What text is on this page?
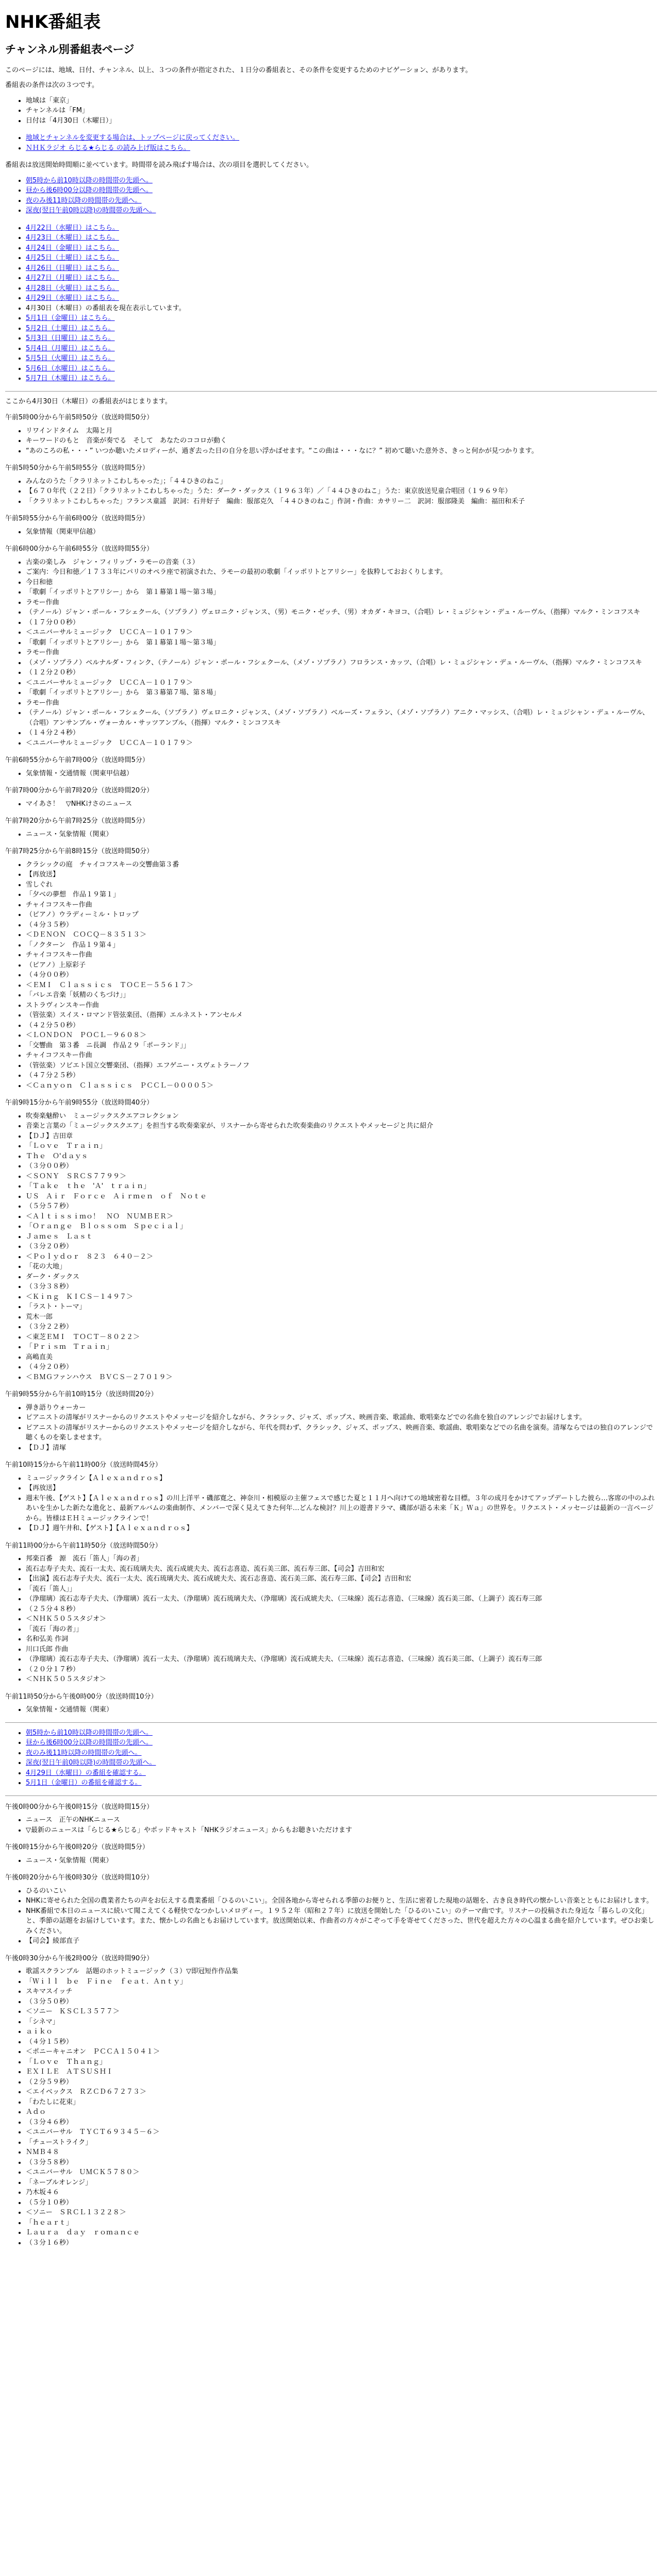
NHK番組表
チャンネル別番組表ページ

このページには、地域、日付、チャンネル、以上、３つの条件が指定された、１日分の番組表と、その条件を変更するためのナビゲーション、があります。

番組表の条件は次の３つです。

• 地域は「東京」
• チャンネルは「FM」
• 日付は「4月30日（木曜日）」
• 地域とチャンネルを変更する場合は、トップページに戻ってください。
• ＮＨＫラジオ らじる★らじる の読み上げ版はこちら。

番組表は放送開始時間順に並べています。時間帯を読み飛ばす場合は、次の項目を選択してください。

• 朝5時から前10時以降の時間帯の先頭へ。
• 昼から後6時00分以降の時間帯の先頭へ。
• 夜のみ後11時以降の時間帯の先頭へ。
• 深夜(翌日午前0時以降)の時間帯の先頭へ。
• 4月22日（水曜日）はこちら。
• 4月23日（木曜日）はこちら。
• 4月24日（金曜日）はこちら。
• 4月25日（土曜日）はこちら。
• 4月26日（日曜日）はこちら。
• 4月27日（月曜日）はこちら。
• 4月28日（火曜日）はこちら。
• 4月29日（水曜日）はこちら。
• 4月30日（木曜日）の番組表を現在表示しています。
• 5月1日（金曜日）はこちら。
• 5月2日（土曜日）はこちら。
• 5月3日（日曜日）はこちら。
• 5月4日（月曜日）はこちら。
• 5月5日（火曜日）はこちら。
• 5月6日（水曜日）はこちら。
• 5月7日（木曜日）はこちら。

ここから4月30日（木曜日）の番組表がはじまります。

午前5時00分から午前5時50分（放送時間50分）

• リワインドタイム　太陽と月
• キーワードのもと　音楽が奏でる　そして　あなたのココロが動く
• “あのころの私・・・” いつか聴いたメロディーが、過ぎ去った日の自分を思い浮かばせます。“この曲は・・・なに？” 初めて聴いた意外さ、きっと何かが見つかります。

午前5時50分から午前5時55分（放送時間5分）

• みんなのうた「クラリネットこわしちゃった」；「４４ひきのねこ」
• 【６７０年代（２２日）「クラリネットこわしちゃった」うた：ダーク・ダックス（１９６３年）／「４４ひきのねこ」うた：東京放送児童合唱団（１９６９年）
• 「クラリネットこわしちゃった」フランス童謡　訳詞：石井好子　編曲：服部克久　「４４ひきのねこ」作詞・作曲：カサリー二　訳詞：服部隆美　編曲：福田和禾子

午前5時55分から午前6時00分（放送時間5分）

• 気象情報（関東甲信越）

午前6時00分から午前6時55分（放送時間55分）

• 古楽の楽しみ　ジャン・フィリップ・ラモーの音楽（３）
• ご案内：今日和徳／１７３３年にパリのオペラ座で初演された、ラモーの最初の歌劇「イッポリトとアリシー」を抜粋しておおくりします。
• 今日和徳
• 「歌劇「イッポリトとアリシー」から　第１幕第１場～第３場」
• ラモー作曲
• （テノール）ジャン・ポール・フシェクール、（ソプラノ）ヴェロニク・ジャンス、（男）モニク・ゼッチ、（男）オカダ・キヨコ、（合唱）レ・ミュジシャン・デュ・ルーヴル、（指揮）マルク・ミンコフスキ
• （１７分００秒）
• ＜ユニバーサルミュージック　ＵＣＣＡ－１０１７９＞
• 「歌劇「イッポリトとアリシー」から　第１幕第１場～第３場」
• ラモー作曲
• （メゾ・ソプラノ）ベルナルダ・フィンク、（テノール）ジャン・ポール・フシェクール、（メゾ・ソプラノ）フロランス・カッツ、（合唱）レ・ミュジシャン・デュ・ルーヴル、（指揮）マルク・ミンコフスキ
• （１２分２０秒）
• ＜ユニバーサルミュージック　ＵＣＣＡ－１０１７９＞
• 「歌劇「イッポリトとアリシー」から　第３幕第７場、第８場」
• ラモー作曲
• （テノール）ジャン・ポール・フシェクール、（ソプラノ）ヴェロニク・ジャンス、（メゾ・ソプラノ）ベルーズ・フェラン、（メゾ・ソプラノ）アニク・マッシス、（合唱）レ・ミュジシャン・デュ・ルーヴル、（合唱）アンサンブル・ヴォーカル・サッツアンブル、（指揮）マルク・ミンコフスキ
• （１４分２４秒）
• ＜ユニバーサルミュージック　ＵＣＣＡ－１０１７９＞

午前6時55分から午前7時00分（放送時間5分）

• 気象情報・交通情報（関東甲信越）

午前7時00分から午前7時20分（放送時間20分）

• マイあさ！　▽NHKけさのニュース

午前7時20分から午前7時25分（放送時間5分）

• ニュース・気象情報（関東）

午前7時25分から午前8時15分（放送時間50分）

• クラシックの庭　チャイコフスキーの交響曲第３番
• 【再放送】
• 雪しぐれ
• 「夕べの夢想　作品１９第１」
• チャイコフスキー作曲
• （ピアノ）ウラディーミル・トロップ
• （４分３５秒）
• ＜ＤＥＮＯＮ　ＣＯＣＱ－８３５１３＞
• 「ノクターン　作品１９第４」
• チャイコフスキー作曲
• （ピアノ）上原彩子
• （４分００秒）
• ＜ＥＭＩ　Ｃｌａｓｓｉｃｓ　ＴＯＣＥ－５５６１７＞
• 「バレエ音楽「妖精のくちづけ」」
• ストラヴィンスキー作曲
• （管弦楽）スイス・ロマンド管弦楽団、（指揮）エルネスト・アンセルメ
• （４２分５０秒）
• ＜ＬＯＮＤＯＮ　ＰＯＣＬ－９６０８＞
• 「交響曲　第３番　ニ長調　作品２９「ポーランド」」
• チャイコフスキー作曲
• （管弦楽）ソビエト国立交響楽団、（指揮）エフゲニー・スヴェトラーノフ
• （４７分２５秒）
• ＜Ｃａｎｙｏｎ　Ｃｌａｓｓｉｃｓ　ＰＣＣＬ－００００５＞

午前9時15分から午前9時55分（放送時間40分）

• 吹奏楽魅酔い　ミュージックスクエアコレクション
• 音楽と言葉の「ミュージックスクエア」を担当する吹奏楽家が、リスナーから寄せられた吹奏楽曲のリクエストやメッセージと共に紹介
• 【ＤＪ】吉田章
• 「Ｌｏｖｅ　Ｔｒａｉｎ」
• Ｔｈｅ　Ｏ'ｄａｙｓ
• （３分００秒）
• ＜ＳＯＮＹ　ＳＲＣＳ７７９９＞
• 「Ｔａｋｅ　ｔｈｅ　'Ａ'　ｔｒａｉｎ」
• ＵＳ　Ａｉｒ　Ｆｏｒｃｅ　Ａｉｒｍｅｎ　ｏｆ　Ｎｏｔｅ
• （５分５７秒）
• ＜Ａｌｔｉｓｓｉｍｏ！　ＮＯ　ＮＵＭＢＥＲ＞
• 「Ｏｒａｎｇｅ　Ｂｌｏｓｓｏｍ　Ｓｐｅｃｉａｌ」
• Ｊａｍｅｓ　Ｌａｓｔ
• （３分２０秒）
• ＜Ｐｏｌｙｄｏｒ　８２３　６４０－２＞
• 「花の大地」
• ダーク・ダックス
• （３分３８秒）
• ＜Ｋｉｎｇ　ＫＩＣＳ－１４９７＞
• 「ラスト・トーマ」
• 荒木一郎
• （３分２２秒）
• ＜東芝ＥＭＩ　ＴＯＣＴ－８０２２＞
• 「Ｐｒｉｓｍ　Ｔｒａｉｎ」
• 高嶋直美
• （４分２０秒）
• ＜ＢＭＧファンハウス　ＢＶＣＳ－２７０１９＞

午前9時55分から午前10時15分（放送時間20分）

• 弾き語りウォーカー
• ピアニストの清塚がリスナーからのリクエストやメッセージを紹介しながら、クラシック、ジャズ、ポップス、映画音楽、歌謡曲、歌唱楽などでの名曲を独自のアレンジでお届けします。
• ピアニストの清塚がリスナーからのリクエストやメッセージを紹介しながら、年代を問わず、クラシック、ジャズ、ポップス、映画音楽、歌謡曲、歌唱楽などでの名曲を演奏。清塚ならではの独自のアレンジで聴くものを楽しませます。
• 【ＤＪ】清塚

午前10時15分から午前11時00分（放送時間45分）

• ミュージックライン【Ａｌｅｘａｎｄｒｏｓ】
• 【再放送】
• 週末午後、【ゲスト】【Ａｌｅｘａｎｄｒｏｓ】の川上洋平・磯部寛之、神奈川・相模原の主催フェスで感じた夏と１１月へ向けての地域密着な目標。３年の成月をかけてアップデートした彼ら…客席の中のふれあいを生かした新たな進化と、最新アルバムの楽曲制作、メンバーで深く見えてきた何年…どんな検討？川上の遊書ドラマ、磯部が語る未来「Ｋ」Ｗａ」の世界を。リクエスト・メッセージは最新の一言ページから。皆様はＥＨミュージックラインで！
• 【ＤＪ】週午井和、【ゲスト】【Ａｌｅｘａｎｄｒｏｓ】

午前11時00分から午前11時50分（放送時間50分）

• 邦楽百番　源　流石「笛人」「海の者」
• 流石志寿子夫夫、流石一太夫、流石琉璃夫夫、流石成琥夫夫、流石志喜造、流石美三郎、流石寿三郎、【司会】吉田和宏
• 【出演】流石志寿子夫夫、流石一太夫、流石琉璃夫夫、流石成琥夫夫、流石志喜造、流石美三郎、流石寿三郎、【司会】吉田和宏
• 「流石「笛人」」
• （浄瑠璃）流石志寿子夫夫、（浄瑠璃）流石一太夫、（浄瑠璃）流石琉璃夫夫、（浄瑠璃）流石成琥夫夫、（三味線）流石志喜造、（三味線）流石美三郎、（上調子）流石寿三郎
• （２５分４８秒）
• ＜ＮＨＫ５０５スタジオ＞
• 「流石「海の者」」
• 名和弘美 作詞
• 川口氏郎 作曲
• （浄瑠璃）流石志寿子夫夫、（浄瑠璃）流石一太夫、（浄瑠璃）流石琉璃夫夫、（浄瑠璃）流石成琥夫夫、（三味線）流石志喜造、（三味線）流石美三郎、（上調子）流石寿三郎
• （２０分１７秒）
• ＜ＮＨＫ５０５スタジオ＞

午前11時50分から午後0時00分（放送時間10分）

• 気象情報・交通情報（関東）
• 朝5時から前10時以降の時間帯の先頭へ。
• 昼から後6時00分以降の時間帯の先頭へ。
• 夜のみ後11時以降の時間帯の先頭へ。
• 深夜(翌日午前0時以降)の時間帯の先頭へ。
• 4月29日（水曜日）の番組を確認する。
• 5月1日（金曜日）の番組を確認する。

午後0時00分から午後0時15分（放送時間15分）

• ニュース　正午のNHKニュース
• ▽最新のニュースは「らじる★らじる」やポッドキャスト「NHKラジオニュース」からもお聴きいただけます

午後0時15分から午後0時20分（放送時間5分）

• ニュース・気象情報（関東）

午後0時20分から午後0時30分（放送時間10分）

• ひるのいこい
• NHKに寄せられた全国の農業者たちの声をお伝えする農業番組「ひるのいこい」。全国各地から寄せられる季節のお便りと、生活に密着した現地の話題を、古き良き時代の懐かしい音楽とともにお届けします。
• NHK番組で本日のニュースに続いて聞こえてくる軽快でなつかしいメロディー。１９５２年（昭和２７年）に放送を開始した「ひるのいこい」のテーマ曲です。リスナーの投稿された身近な「暮らしの文化」と、季節の話題をお届けしています。また、懐かしの名曲ともお届けしています。放送開始以来、作曲者の方々がこぞって手を寄せてくださった、世代を超えた方々の心温まる曲を紹介しています。ぜひお楽しみください。
• 【司会】綾部直子

午後0時30分から午後2時00分（放送時間90分）

• 歌謡スクランブル　話題のホットミュージック（３）▽即冠短作作品集
• 「Ｗｉｌｌ　ｂｅ　Ｆｉｎｅ　ｆｅａｔ．Ａｎｔｙ」
• スキマスイッチ
• （３分５０秒）
• ＜ソニー　ＫＳＣＬ３５７７＞
• 「シネマ」
• ａｉｋｏ
• （４分１５秒）
• ＜ポニーキャニオン　ＰＣＣＡ１５０４１＞
• 「Ｌｏｖｅ　Ｔｈａｎｇ」
• ＥＸＩＬＥ　ＡＴＳＵＳＨＩ
• （２分５９秒）
• ＜エイベックス　ＲＺＣＤ６７２７３＞
• 「わたしに花束」
• Ａｄｏ
• （３分４６秒）
• ＜ユニバーサル　ＴＹＣＴ６９３４５－６＞
• 「チューストライク」
• ＮＭＢ４８
• （３分５８秒）
• ＜ユニバーサル　ＵＭＣＫ５７８０＞
• 「ネーブルオレンジ」
• 乃木坂４６
• （５分１０秒）
• ＜ソニー　ＳＲＣＬ１３２２８＞
• 「ｈｅａｒｔ」
• Ｌａｕｒａ　ｄａｙ　ｒｏｍａｎｃｅ
• （３分１６秒）
